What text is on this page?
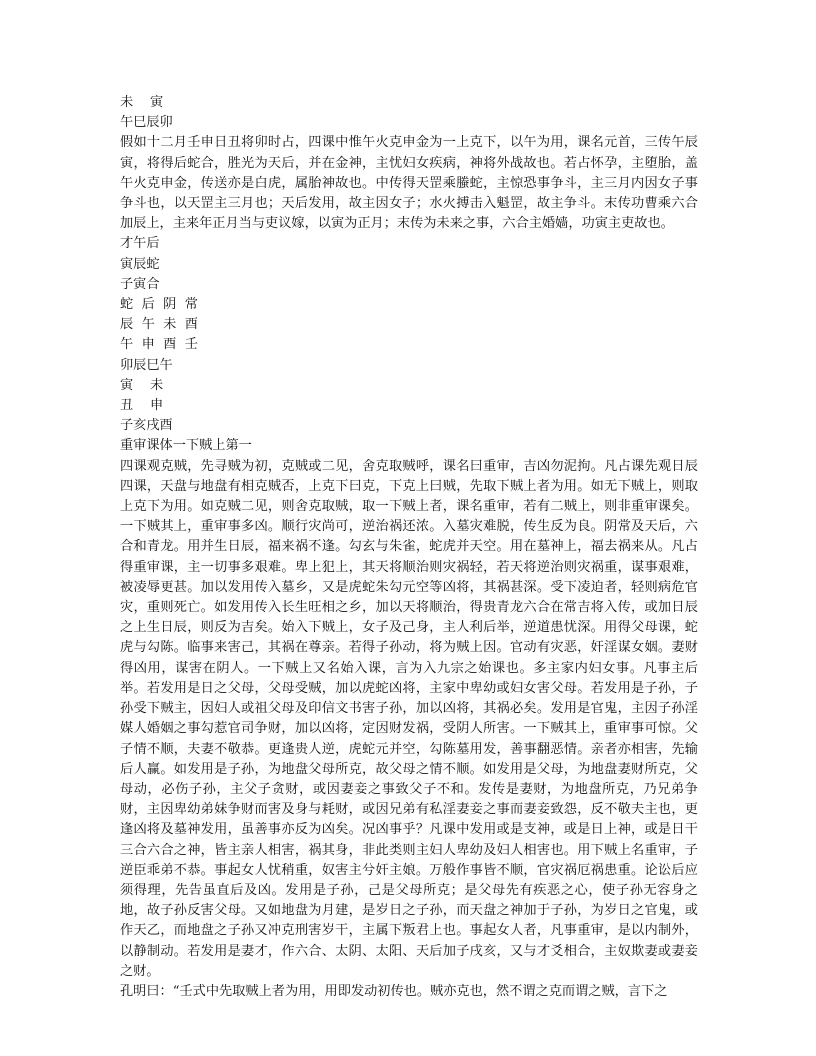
未    寅
午巳辰卯

假如十二月壬申日丑将卯时占，四课中惟午火克申金为一上克下，以午为用，课名元首，三传午辰寅，将得后蛇合，胜光为天后，并在金神，主忧妇女疾病，神将外战故也。若占怀孕，主堕胎，盖午火克申金，传送亦是白虎，属胎神故也。中传得天罡乘螣蛇，主惊恐事争斗，主三月内因女子事争斗也，以天罡主三月也；天后发用，故主因女子；水火搏击入魁罡，故主争斗。末传功曹乘六合加辰上，主来年正月当与吏议嫁，以寅为正月；末传为未来之事，六合主婚嫱，功寅主吏故也。

才午后
寅辰蛇
子寅合
蛇  后  阴  常
辰  午  未  酉
午  申  酉  壬
卯辰巳午
寅    未
丑    申
子亥戌酉
重审课体一下贼上第一

四课观克贼，先寻贼为初，克贼或二见，舍克取贼呼，课名曰重审，吉凶勿泥拘。凡占课先观日辰四课，天盘与地盘有相克贼否，上克下曰克，下克上曰贼，先取下贼上者为用。如无下贼上，则取上克下为用。如克贼二见，则舍克取贼，取一下贼上者，课名重审，若有二贼上，则非重审课矣。一下贼其上，重审事多凶。顺行灾尚可，逆治祸还浓。入墓灾难脱，传生反为良。阴常及天后，六合和青龙。用并生日辰，福来祸不逢。勾玄与朱雀，蛇虎并天空。用在墓神上，福去祸来从。凡占得重审课，主一切事多艰难。卑上犯上，其天将顺治则灾祸轻，若天将逆治则灾祸重，谋事艰难，被凌辱更甚。加以发用传入墓乡，又是虎蛇朱勾元空等凶将，其祸甚深。受下凌迫者，轻则病危官灾，重则死亡。如发用传入长生旺相之乡，加以天将顺治，得贵青龙六合在常吉将入传，或加日辰之上生日辰，则反为吉矣。始入下贼上，女子及己身，主人利后举，逆道患忧深。用得父母课，蛇虎与勾陈。临事来害己，其祸在尊亲。若得子孙动，将为贼上因。官动有灾恶，奸淫谋女姻。妻财得凶用，谋害在阴人。一下贼上又名始入课，言为入九宗之始课也。多主家内妇女事。凡事主后举。若发用是日之父母，父母受贼，加以虎蛇凶将，主家中卑幼或妇女害父母。若发用是子孙，子孙受下贼主，因妇人或祖父母及印信文书害子孙，加以凶将，其祸必矣。发用是官鬼，主因子孙淫媒人婚姻之事勾惹官司争财，加以凶将，定因财发祸，受阴人所害。一下贼其上，重审事可惊。父子情不顺，夫妻不敬恭。更逢贵人逆，虎蛇元并空，勾陈墓用发，善事翻恶情。亲者亦相害，先输后人赢。如发用是子孙，为地盘父母所克，故父母之情不顺。如发用是父母，为地盘妻财所克，父母动，必伤子孙，主父子贪财，或因妻妾之事致父子不和。发传是妻财，为地盘所克，乃兄弟争财，主因卑幼弟妹争财而害及身与耗财，或因兄弟有私淫妻妾之事而妻妾致怨，反不敬夫主也，更逢凶将及墓神发用，虽善事亦反为凶矣。况凶事乎？凡课中发用或是支神，或是日上神，或是日干三合六合之神，皆主亲人相害，祸其身，非此类则主妇人卑幼及妇人相害也。用下贼上名重审，子逆臣乖弟不恭。事起女人忧稍重，奴害主兮奸主娘。万般作事皆不顺，官灾祸厄祸患重。论讼后应须得理，先告虽直后及凶。发用是子孙，己是父母所克；是父母先有疾恶之心，使子孙无容身之地，故子孙反害父母。又如地盘为月建，是岁日之子孙，而天盘之神加于子孙，为岁日之官鬼，或作天乙，而地盘之子孙又冲克刑害岁干，主属下叛君上也。事起女人者，凡事重审，是以内制外，以静制动。若发用是妻才，作六合、太阴、太阳、天后加子戌亥，又与才爻相合，主奴欺妻或妻妾之财。

孔明曰：“壬式中先取贼上者为用，用即发动初传也。贼亦克也，然不谓之克而谓之贼，言下之
